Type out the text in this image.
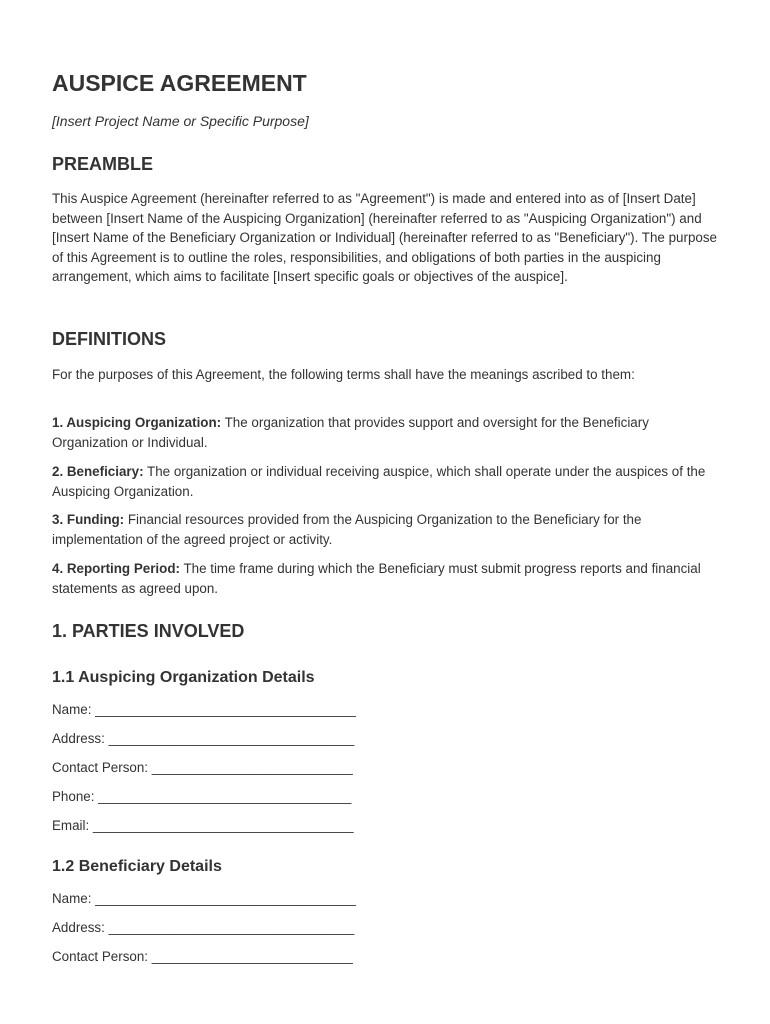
AUSPICE AGREEMENT

[Insert Project Name or Specific Purpose]

PREAMBLE

This Auspice Agreement (hereinafter referred to as "Agreement") is made and entered into as of [Insert Date] between [Insert Name of the Auspicing Organization] (hereinafter referred to as "Auspicing Organization") and [Insert Name of the Beneficiary Organization or Individual] (hereinafter referred to as "Beneficiary"). The purpose of this Agreement is to outline the roles, responsibilities, and obligations of both parties in the auspicing arrangement, which aims to facilitate [Insert specific goals or objectives of the auspice].

DEFINITIONS

For the purposes of this Agreement, the following terms shall have the meanings ascribed to them:

1. Auspicing Organization: The organization that provides support and oversight for the Beneficiary Organization or Individual.

2. Beneficiary: The organization or individual receiving auspice, which shall operate under the auspices of the Auspicing Organization.

3. Funding: Financial resources provided from the Auspicing Organization to the Beneficiary for the implementation of the agreed project or activity.

4. Reporting Period: The time frame during which the Beneficiary must submit progress reports and financial statements as agreed upon.

1. PARTIES INVOLVED
1.1 Auspicing Organization Details

Name: ___________________________________

Address: _________________________________

Contact Person: ___________________________

Phone: __________________________________

Email: ___________________________________

1.2 Beneficiary Details

Name: ___________________________________

Address: _________________________________

Contact Person: ___________________________
